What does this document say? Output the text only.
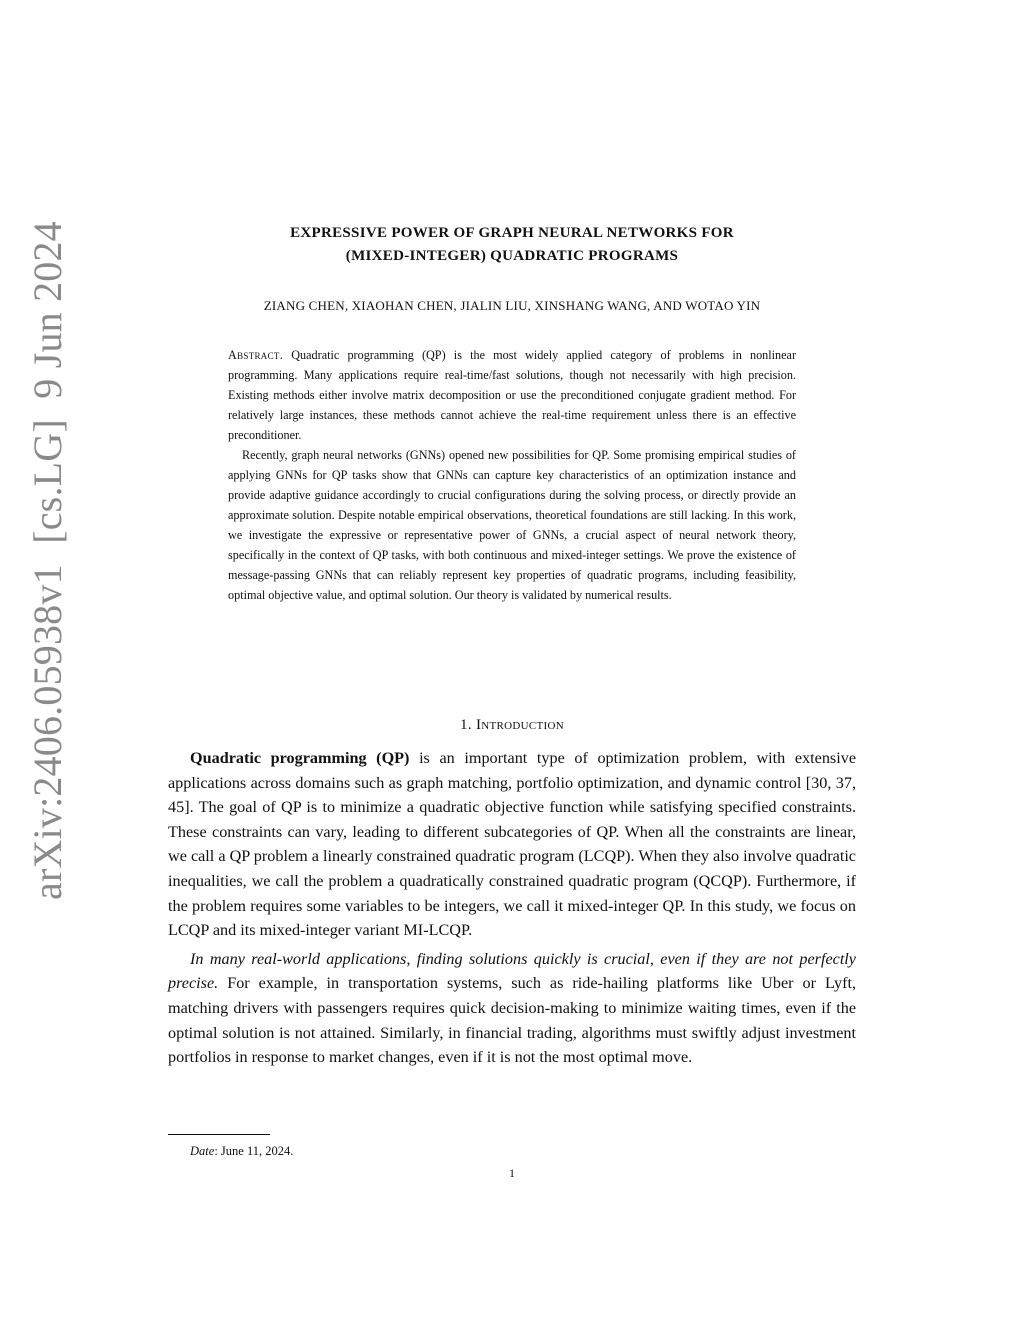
arXiv:2406.05938v1  [cs.LG]  9 Jun 2024	EXPRESSIVE POWER OF GRAPH NEURAL NETWORKS FOR
(MIXED-INTEGER) QUADRATIC PROGRAMS
ZIANG CHEN, XIAOHAN CHEN, JIALIN LIU, XINSHANG WANG, AND WOTAO YIN

Abstract. Quadratic programming (QP) is the most widely applied category of problems in nonlinear programming. Many applications require real-time/fast solutions, though not necessarily with high precision. Existing methods either involve matrix decomposition or use the preconditioned conjugate gradient method. For relatively large instances, these methods cannot achieve the real-time requirement unless there is an effective preconditioner.

Recently, graph neural networks (GNNs) opened new possibilities for QP. Some promising empirical studies of applying GNNs for QP tasks show that GNNs can capture key characteristics of an optimization instance and provide adaptive guidance accordingly to crucial configurations during the solving process, or directly provide an approximate solution. Despite notable empirical observations, theoretical foundations are still lacking. In this work, we investigate the expressive or representative power of GNNs, a crucial aspect of neural network theory, specifically in the context of QP tasks, with both continuous and mixed-integer settings. We prove the existence of message-passing GNNs that can reliably represent key properties of quadratic programs, including feasibility, optimal objective value, and optimal solution. Our theory is validated by numerical results.

1. Introduction

Quadratic programming (QP) is an important type of optimization problem, with extensive applications across domains such as graph matching, portfolio optimization, and dynamic control [30, 37, 45]. The goal of QP is to minimize a quadratic objective function while satisfying specified constraints. These constraints can vary, leading to different subcategories of QP. When all the constraints are linear, we call a QP problem a linearly constrained quadratic program (LCQP). When they also involve quadratic inequalities, we call the problem a quadratically constrained quadratic program (QCQP). Furthermore, if the problem requires some variables to be integers, we call it mixed-integer QP. In this study, we focus on LCQP and its mixed-integer variant MI-LCQP.

In many real-world applications, finding solutions quickly is crucial, even if they are not perfectly precise. For example, in transportation systems, such as ride-hailing platforms like Uber or Lyft, matching drivers with passengers requires quick decision-making to minimize waiting times, even if the optimal solution is not attained. Similarly, in financial trading, algorithms must swiftly adjust investment portfolios in response to market changes, even if it is not the most optimal move.

Date: June 11, 2024.
1
